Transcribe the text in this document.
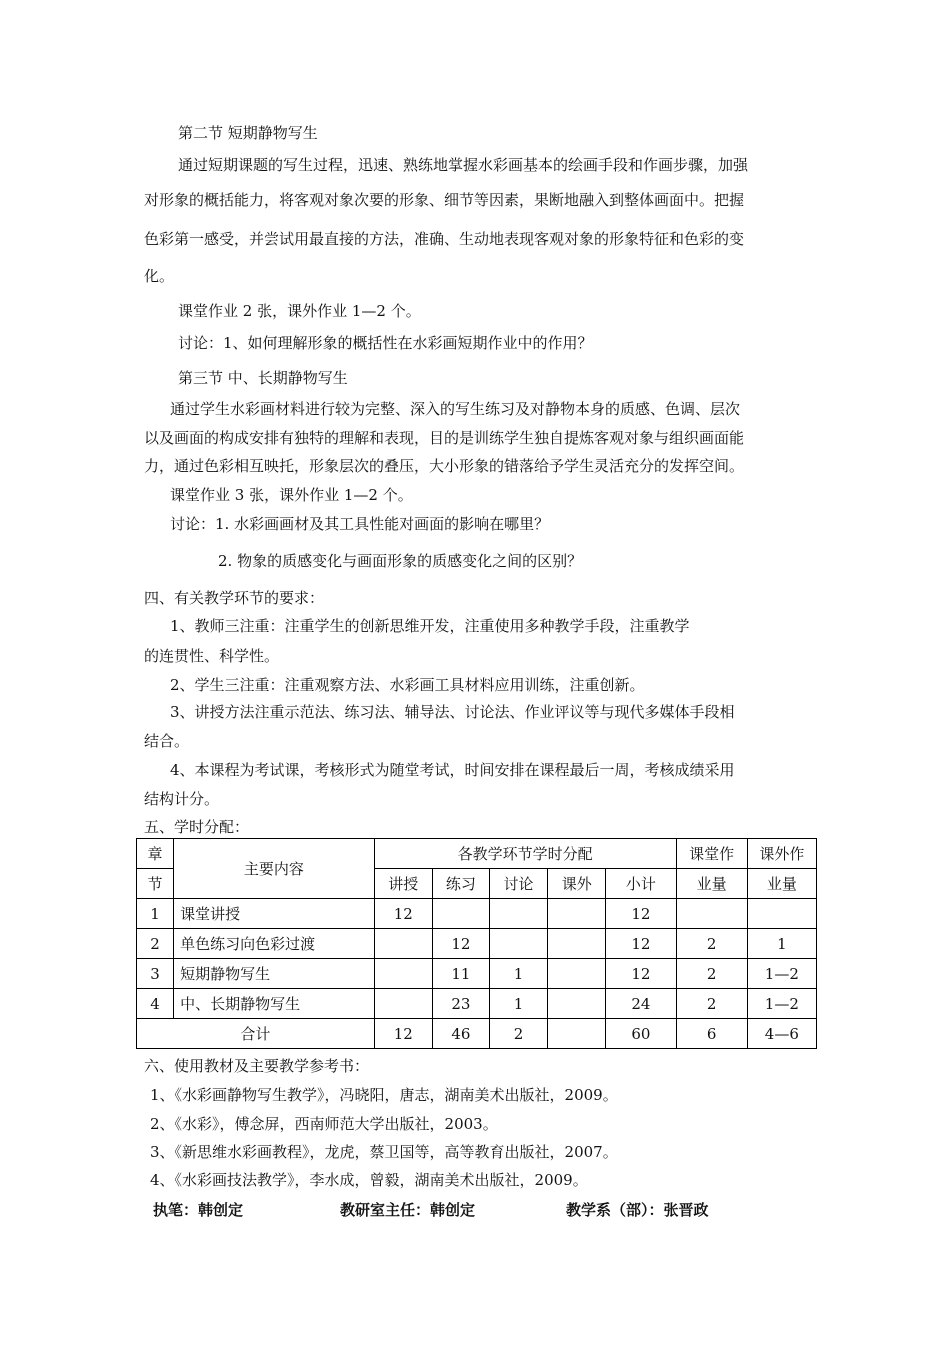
第二节 短期静物写生
通过短期课题的写生过程，迅速、熟练地掌握水彩画基本的绘画手段和作画步骤，加强
对形象的概括能力，将客观对象次要的形象、细节等因素，果断地融入到整体画面中。把握
色彩第一感受，并尝试用最直接的方法，准确、生动地表现客观对象的形象特征和色彩的变
化。
课堂作业 2 张，课外作业 1—2 个。
讨论：1、如何理解形象的概括性在水彩画短期作业中的作用？
第三节 中、长期静物写生
通过学生水彩画材料进行较为完整、深入的写生练习及对静物本身的质感、色调、层次
以及画面的构成安排有独特的理解和表现，目的是训练学生独自提炼客观对象与组织画面能
力，通过色彩相互映托，形象层次的叠压，大小形象的错落给予学生灵活充分的发挥空间。
课堂作业 3 张，课外作业 1—2 个。
讨论：1. 水彩画画材及其工具性能对画面的影响在哪里？
2. 物象的质感变化与画面形象的质感变化之间的区别？
四、有关教学环节的要求：
1、教师三注重：注重学生的创新思维开发，注重使用多种教学手段，注重教学
的连贯性、科学性。
2、学生三注重：注重观察方法、水彩画工具材料应用训练，注重创新。
3、讲授方法注重示范法、练习法、辅导法、讨论法、作业评议等与现代多媒体手段相
结合。
4、本课程为考试课，考核形式为随堂考试，时间安排在课程最后一周，考核成绩采用
结构计分。
五、学时分配：
章	主要内容	各教学环节学时分配					课堂作	课外作
节		讲授	练习	讨论	课外	小计	业量	业量
1	课堂讲授	12				12		
2	单色练习向色彩过渡		12			12	2	1
3	短期静物写生		11	1		12	2	1—2
4	中、长期静物写生		23	1		24	2	1—2
合计		12	46	2		60	6	4—6
六、使用教材及主要教学参考书：
1、《水彩画静物写生教学》，冯晓阳，唐志，湖南美术出版社，2009。
2、《水彩》，傅念屏，西南师范大学出版社，2003。
3、《新思维水彩画教程》，龙虎，蔡卫国等，高等教育出版社，2007。
4、《水彩画技法教学》，李水成，曾毅，湖南美术出版社，2009。
执笔：韩创定	教研室主任：韩创定	教学系（部）：张晋政
